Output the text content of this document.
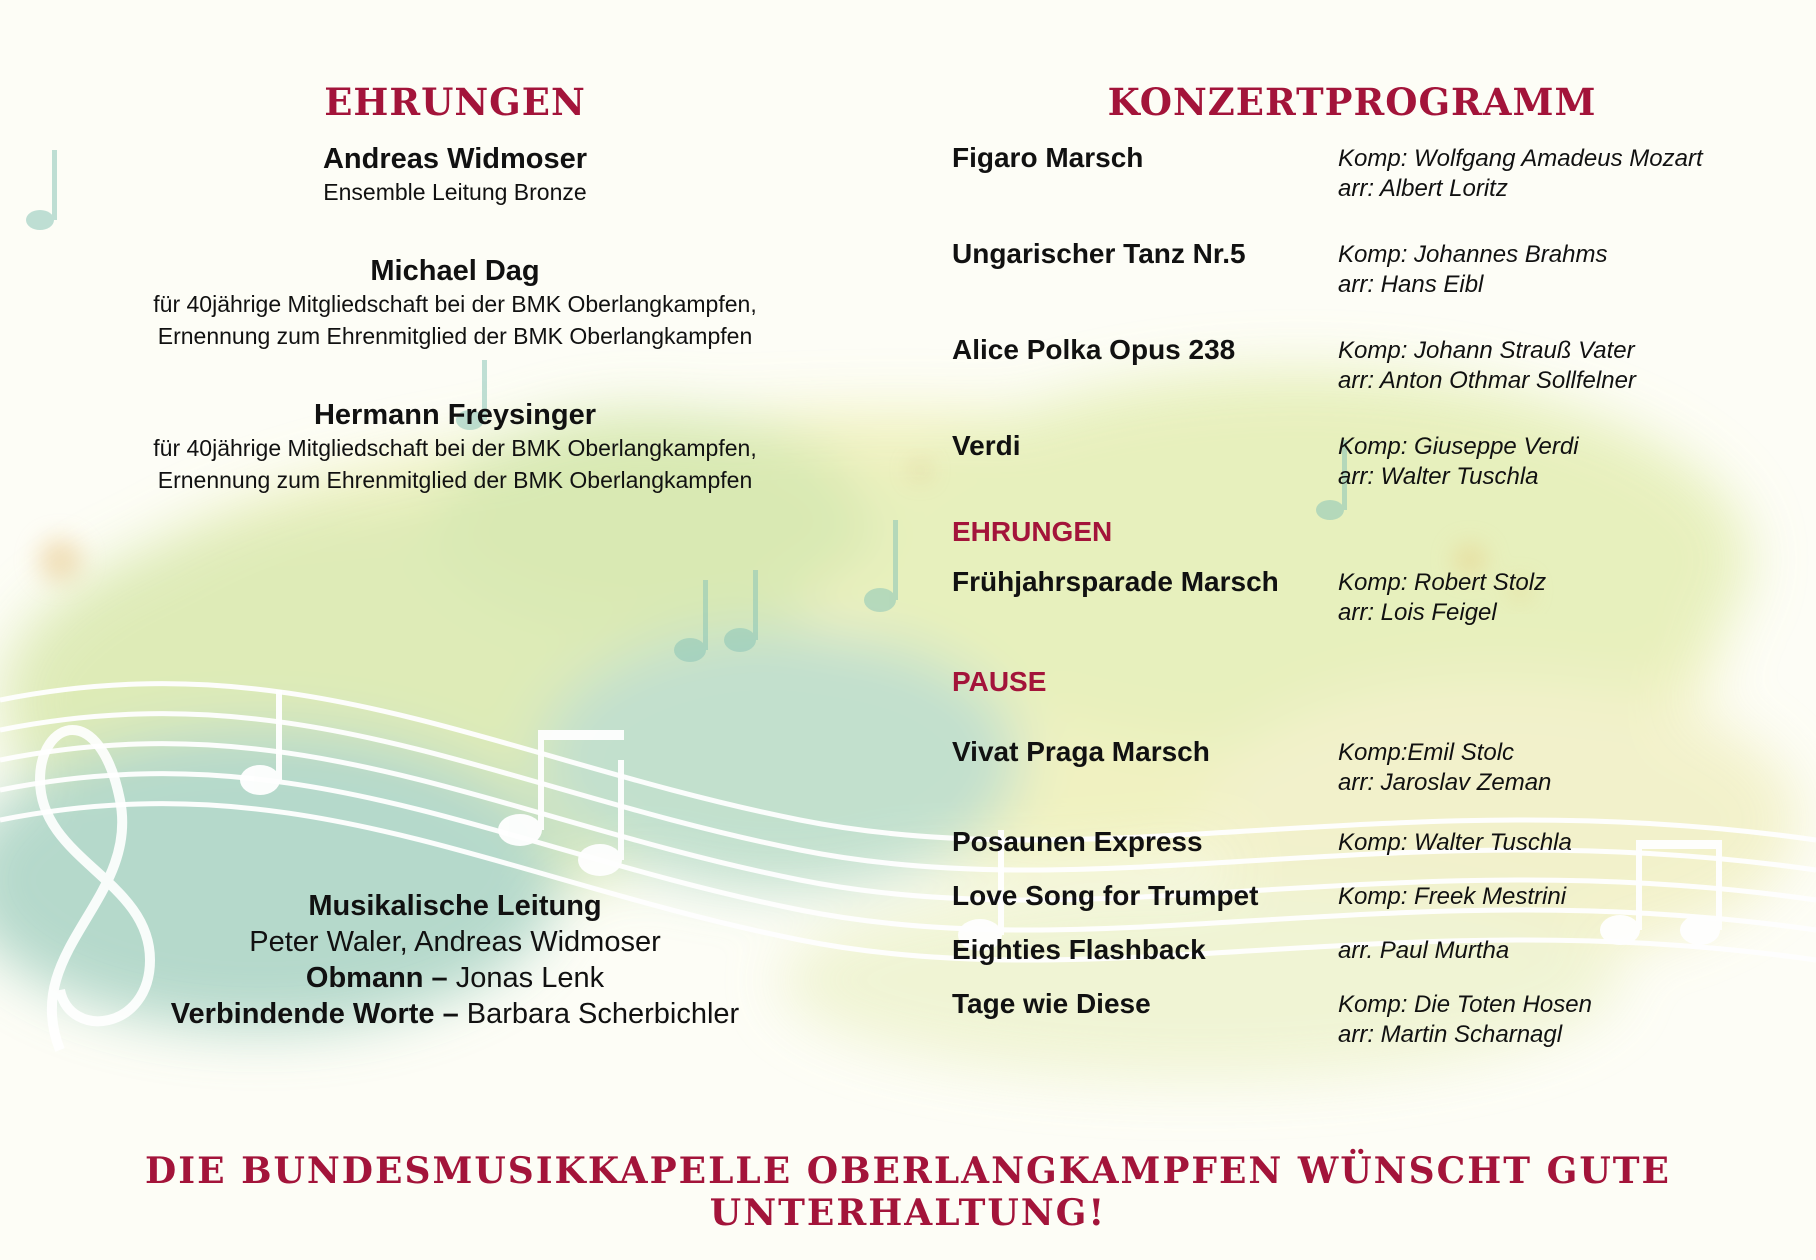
EHRUNGEN
Andreas Widmoser
Ensemble Leitung Bronze
Michael Dag
für 40jährige Mitgliedschaft bei der BMK Oberlangkampfen,
Ernennung zum Ehrenmitglied der BMK Oberlangkampfen
Hermann Freysinger
für 40jährige Mitgliedschaft bei der BMK Oberlangkampfen,
Ernennung zum Ehrenmitglied der BMK Oberlangkampfen
Musikalische Leitung
Peter Waler, Andreas Widmoser
Obmann – Jonas Lenk
Verbindende Worte – Barbara Scherbichler
KONZERTPROGRAMM
Figaro Marsch	Komp: Wolfgang Amadeus Mozart
arr: Albert Loritz
Ungarischer Tanz Nr.5	Komp: Johannes Brahms
arr: Hans Eibl
Alice Polka Opus 238	Komp: Johann Strauß Vater
arr: Anton Othmar Sollfelner
Verdi	Komp: Giuseppe Verdi
arr: Walter Tuschla
EHRUNGEN
Frühjahrsparade Marsch	Komp: Robert Stolz
arr: Lois Feigel
PAUSE
Vivat Praga Marsch	Komp:Emil Stolc
arr: Jaroslav Zeman
Posaunen Express	Komp: Walter Tuschla
Love Song for Trumpet	Komp: Freek Mestrini
Eighties Flashback	arr. Paul Murtha
Tage wie Diese	Komp: Die Toten Hosen
arr: Martin Scharnagl
DIE BUNDESMUSIKKAPELLE OBERLANGKAMPFEN WÜNSCHT GUTE UNTERHALTUNG!
